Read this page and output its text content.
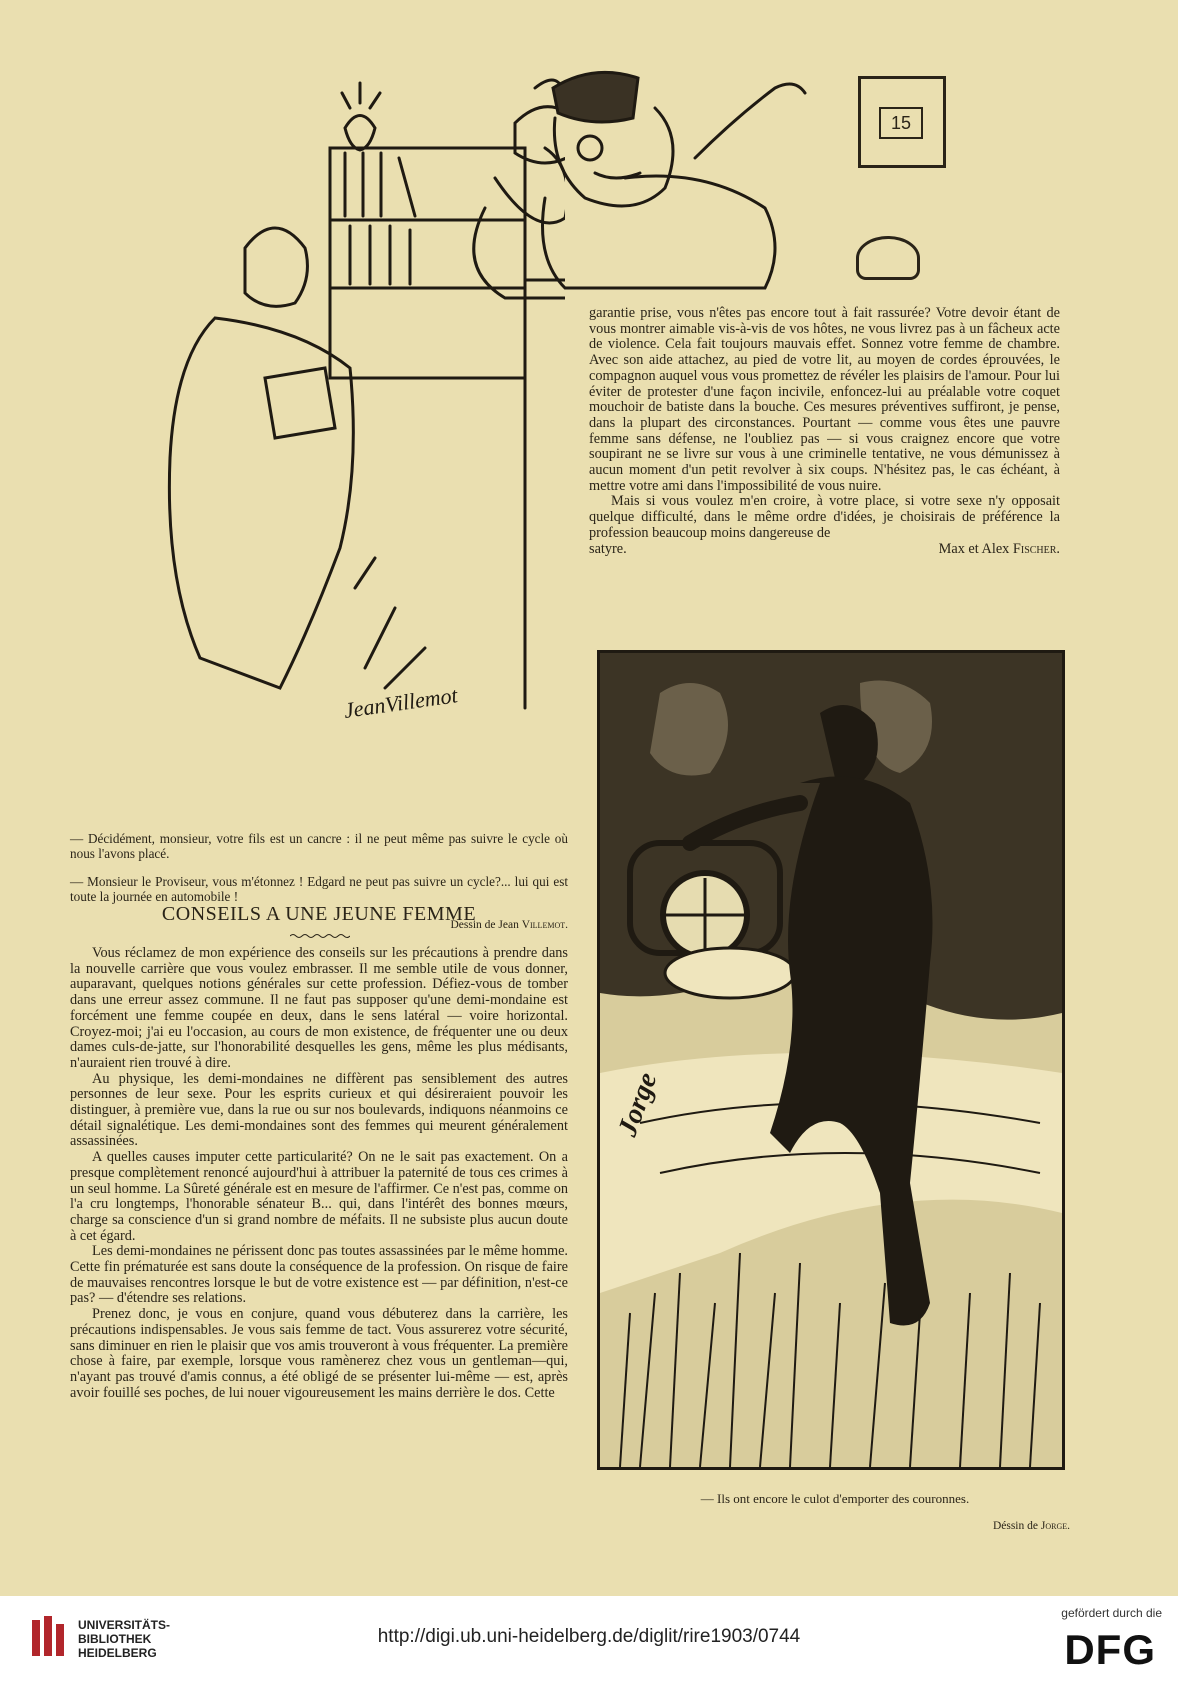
JeanVillemot
15

— Décidément, monsieur, votre fils est un cancre : il ne peut même pas suivre le cycle où nous l'avons placé.

— Monsieur le Proviseur, vous m'étonnez ! Edgard ne peut pas suivre un cycle?... lui qui est toute la journée en automobile !

Dessin de Jean Villemot.

CONSEILS A UNE JEUNE FEMME

Vous réclamez de mon expérience des conseils sur les précautions à prendre dans la nouvelle carrière que vous voulez embrasser. Il me semble utile de vous donner, auparavant, quelques notions générales sur cette profession. Défiez-vous de tomber dans une erreur assez commune. Il ne faut pas supposer qu'une demi-mondaine est forcément une femme coupée en deux, dans le sens latéral — voire horizontal. Croyez-moi; j'ai eu l'occasion, au cours de mon existence, de fréquenter une ou deux dames culs-de-jatte, sur l'honorabilité desquelles les gens, même les plus médisants, n'auraient rien trouvé à dire.

Au physique, les demi-mondaines ne diffèrent pas sensiblement des autres personnes de leur sexe. Pour les esprits curieux et qui désireraient pouvoir les distinguer, à première vue, dans la rue ou sur nos boulevards, indiquons néanmoins ce détail signalétique. Les demi-mondaines sont des femmes qui meurent généralement assassinées.

A quelles causes imputer cette particularité? On ne le sait pas exactement. On a presque complètement renoncé aujourd'hui à attribuer la paternité de tous ces crimes à un seul homme. La Sûreté générale est en mesure de l'affirmer. Ce n'est pas, comme on l'a cru longtemps, l'honorable sénateur B... qui, dans l'intérêt des bonnes mœurs, charge sa conscience d'un si grand nombre de méfaits. Il ne subsiste plus aucun doute à cet égard.

Les demi-mondaines ne périssent donc pas toutes assassinées par le même homme. Cette fin prématurée est sans doute la conséquence de la profession. On risque de faire de mauvaises rencontres lorsque le but de votre existence est — par définition, n'est-ce pas? — d'étendre ses relations.

Prenez donc, je vous en conjure, quand vous débuterez dans la carrière, les précautions indispensables. Je vous sais femme de tact. Vous assurerez votre sécurité, sans diminuer en rien le plaisir que vos amis trouveront à vous fréquenter. La première chose à faire, par exemple, lorsque vous ramènerez chez vous un gentleman—qui, n'ayant pas trouvé d'amis connus, a été obligé de se présenter lui-même — est, après avoir fouillé ses poches, de lui nouer vigoureusement les mains derrière le dos. Cette

garantie prise, vous n'êtes pas encore tout à fait rassurée? Votre devoir étant de vous montrer aimable vis-à-vis de vos hôtes, ne vous livrez pas à un fâcheux acte de violence. Cela fait toujours mauvais effet. Sonnez votre femme de chambre. Avec son aide attachez, au pied de votre lit, au moyen de cordes éprouvées, le compagnon auquel vous vous promettez de révéler les plaisirs de l'amour. Pour lui éviter de protester d'une façon incivile, enfoncez-lui au préalable votre coquet mouchoir de batiste dans la bouche. Ces mesures préventives suffiront, je pense, dans la plupart des circonstances. Pourtant — comme vous êtes une pauvre femme sans défense, ne l'oubliez pas — si vous craignez encore que votre soupirant ne se livre sur vous à une criminelle tentative, ne vous démunissez à aucun moment d'un petit revolver à six coups. N'hésitez pas, le cas échéant, à mettre votre ami dans l'impossibilité de vous nuire.

Mais si vous voulez m'en croire, à votre place, si votre sexe n'y opposait quelque difficulté, dans le même ordre d'idées, je choisirais de préférence la profession beaucoup moins dangereuse de

satyre.	Max et Alex Fischer.

Jorge

— Ils ont encore le culot d'emporter des couronnes.

Déssin de Jorge.

UNIVERSITÄTS-
BIBLIOTHEK
HEIDELBERG
http://digi.ub.uni-heidelberg.de/diglit/rire1903/0744
gefördert durch die
DFG
